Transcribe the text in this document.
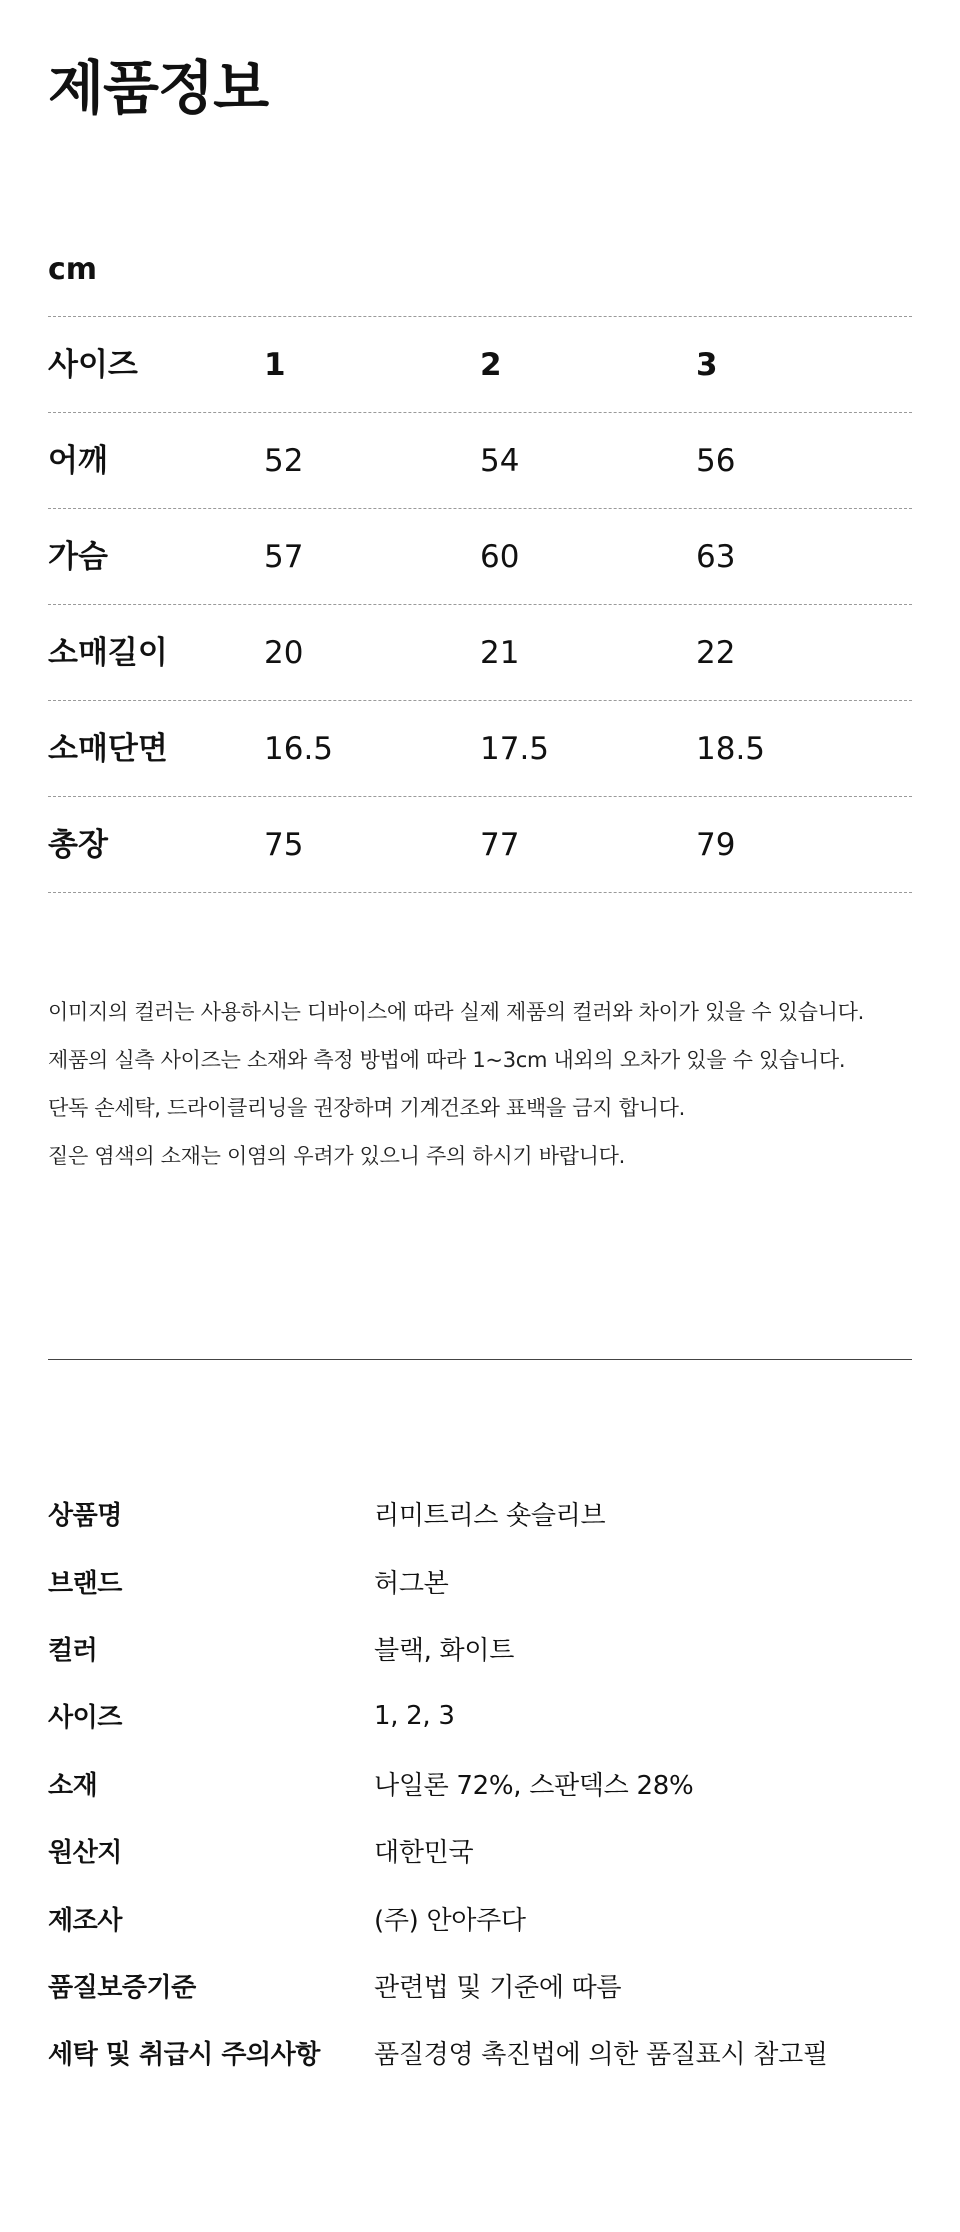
제품정보
cm
사이즈	1	2	3
어깨	52	54	56
가슴	57	60	63
소매길이	20	21	22
소매단면	16.5	17.5	18.5
총장	75	77	79
이미지의 컬러는 사용하시는 디바이스에 따라 실제 제품의 컬러와 차이가 있을 수 있습니다.
제품의 실측 사이즈는 소재와 측정 방법에 따라 1~3cm 내외의 오차가 있을 수 있습니다.
단독 손세탁, 드라이클리닝을 권장하며 기계건조와 표백을 금지 합니다.
짙은 염색의 소재는 이염의 우려가 있으니 주의 하시기 바랍니다.
상품명	리미트리스 숏슬리브
브랜드	허그본
컬러	블랙, 화이트
사이즈	1, 2, 3
소재	나일론 72%, 스판덱스 28%
원산지	대한민국
제조사	(주) 안아주다
품질보증기준	관련법 및 기준에 따름
세탁 및 취급시 주의사항	품질경영 촉진법에 의한 품질표시 참고필
